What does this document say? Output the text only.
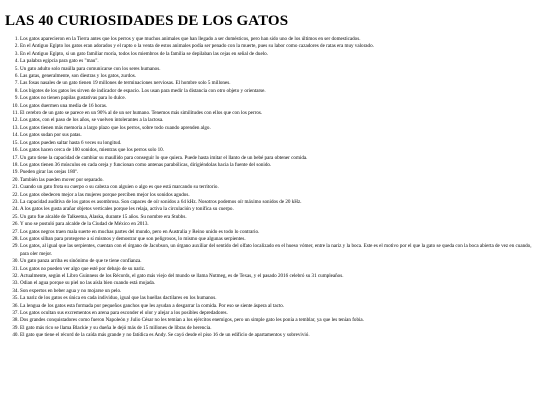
LAS 40 CURIOSIDADES DE LOS GATOS
1. Los gatos aparecieron en la Tierra antes que los perros y que muchos animales que han llegado a ser domésticos, pero han sido uno de los últimos en ser domesticados.
2. En el Antiguo Egipto los gatos eran adorados y el rapto o la venta de estos animales podía ser penado con la muerte, pues su labor como cazadores de ratas era muy valorado.
3. En el Antiguo Egipto, si un gato familiar moría, todos los miembros de la familia se depilaban las cejas en señal de duelo.
4. La palabra egipcia para gato es "mau".
5. Un gato adulto solo maúlla para comunicarse con los seres humanos.
6. Las gatas, generalmente, son diestras y los gatos, zurdos.
7. Las fosas nasales de un gato tienen 19 millones de terminaciones nerviosas. El hombre solo 5 millones.
8. Los bigotes de los gatos les sirven de indicador de espacio. Los usan para medir la distancia con otro objeto y orientarse.
9. Los gatos no tienen papilas gustativas para lo dulce.
10. Los gatos duermen una media de 16 horas.
11. El cerebro de un gato se parece en un 90% al de un ser humano. Tenemos más similitudes con ellos que con los perros.
12. Los gatos, con el paso de los años, se vuelven intolerantes a la lactosa.
13. Los gatos tienen más memoria a largo plazo que los perros, sobre todo cuando aprenden algo.
14. Los gatos sudan por sus patas.
15. Los gatos pueden saltar hasta 6 veces su longitud.
16. Los gatos hacen cerca de 100 sonidos, mientras que los perros solo 10.
17. Un gato tiene la capacidad de cambiar su maullido para conseguir lo que quiera. Puede hasta imitar el llanto de un bebé para obtener comida.
18. Los gatos tienen 36 músculos en cada oreja y funcionan como antenas parabólicas, dirigiéndolas hacia la fuente del sonido.
19. Pueden girar las orejas 180º.
20. También las pueden mover por separado.
21. Cuando un gato frota su cuerpo o su cabeza con alguien o algo es que está marcando su territorio.
22. Los gatos obedecen mejor a las mujeres porque perciben mejor los sonidos agudos.
23. La capacidad auditiva de los gatos es asombrosa. Son capaces de oír sonidos a 64 kHz. Nosotros podemos oír máximo sonidos de 20 kHz.
24. A los gatos les gusta arañar objetos verticales porque les relaja, activa la circulación y tonifica su cuerpo.
25. Un gato fue alcalde de Talkeetna, Alaska, durante 15 años. Su nombre era Stubbs.
26. Y uno se postuló para alcalde de la Ciudad de México en 2013.
27. Los gatos negros traen mala suerte en muchas partes del mundo, pero en Australia y Reino unido es todo lo contrario.
28. Los gatos silban para protegerse a sí mismos y demostrar que son peligrosos, lo mismo que algunas serpientes.
29. Los gatos, al igual que las serpientes, cuentan con el órgano de Jacobson, un órgano auxiliar del sentido del olfato localizado en el hueso vómer, entre la nariz y la boca. Este es el motivo por el que la gato se queda con la boca abierta de vez en cuando, para oler mejor.
30. Un gato panza arriba es sinónimo de que te tiene confianza.
31. Los gatos no pueden ver algo que esté por debajo de su nariz.
32. Actualmente, según el Libro Guinness de los Récords, el gato más viejo del mundo se llama Nutmeg, es de Texas, y el pasado 2016 celebró su 31 cumpleaños.
33. Odian el agua porque su piel no las aísla bien cuando está mojada.
34. Son expertos en beber agua y no mojarse un pelo.
35. La nariz de los gatos es única en cada individuo, igual que las huellas dactilares en los humanos.
36. La lengua de los gatos esta formada por pequeños ganchos que les ayudan a desgarrar la comida. Por eso se siente áspera al tacto.
37. Los gatos ocultan sus excrementos en arena para esconder el olor y alejar a los posibles depredadores.
38. Dos grandes conquistadores como fueron Napoleón y Julio César no les temían a los ejércitos enemigos, pero un simple gato les ponía a temblar, ya que les tenían fobia.
39. El gato más rico se llama Blackie y su dueña le dejó más de 15 millones de libras de herencia.
40. El gato que tiene el récord de la caída más grande y no fatídica es Andy. Se cayó desde el piso 16 de un edificio de apartamentos y sobrevivió.
